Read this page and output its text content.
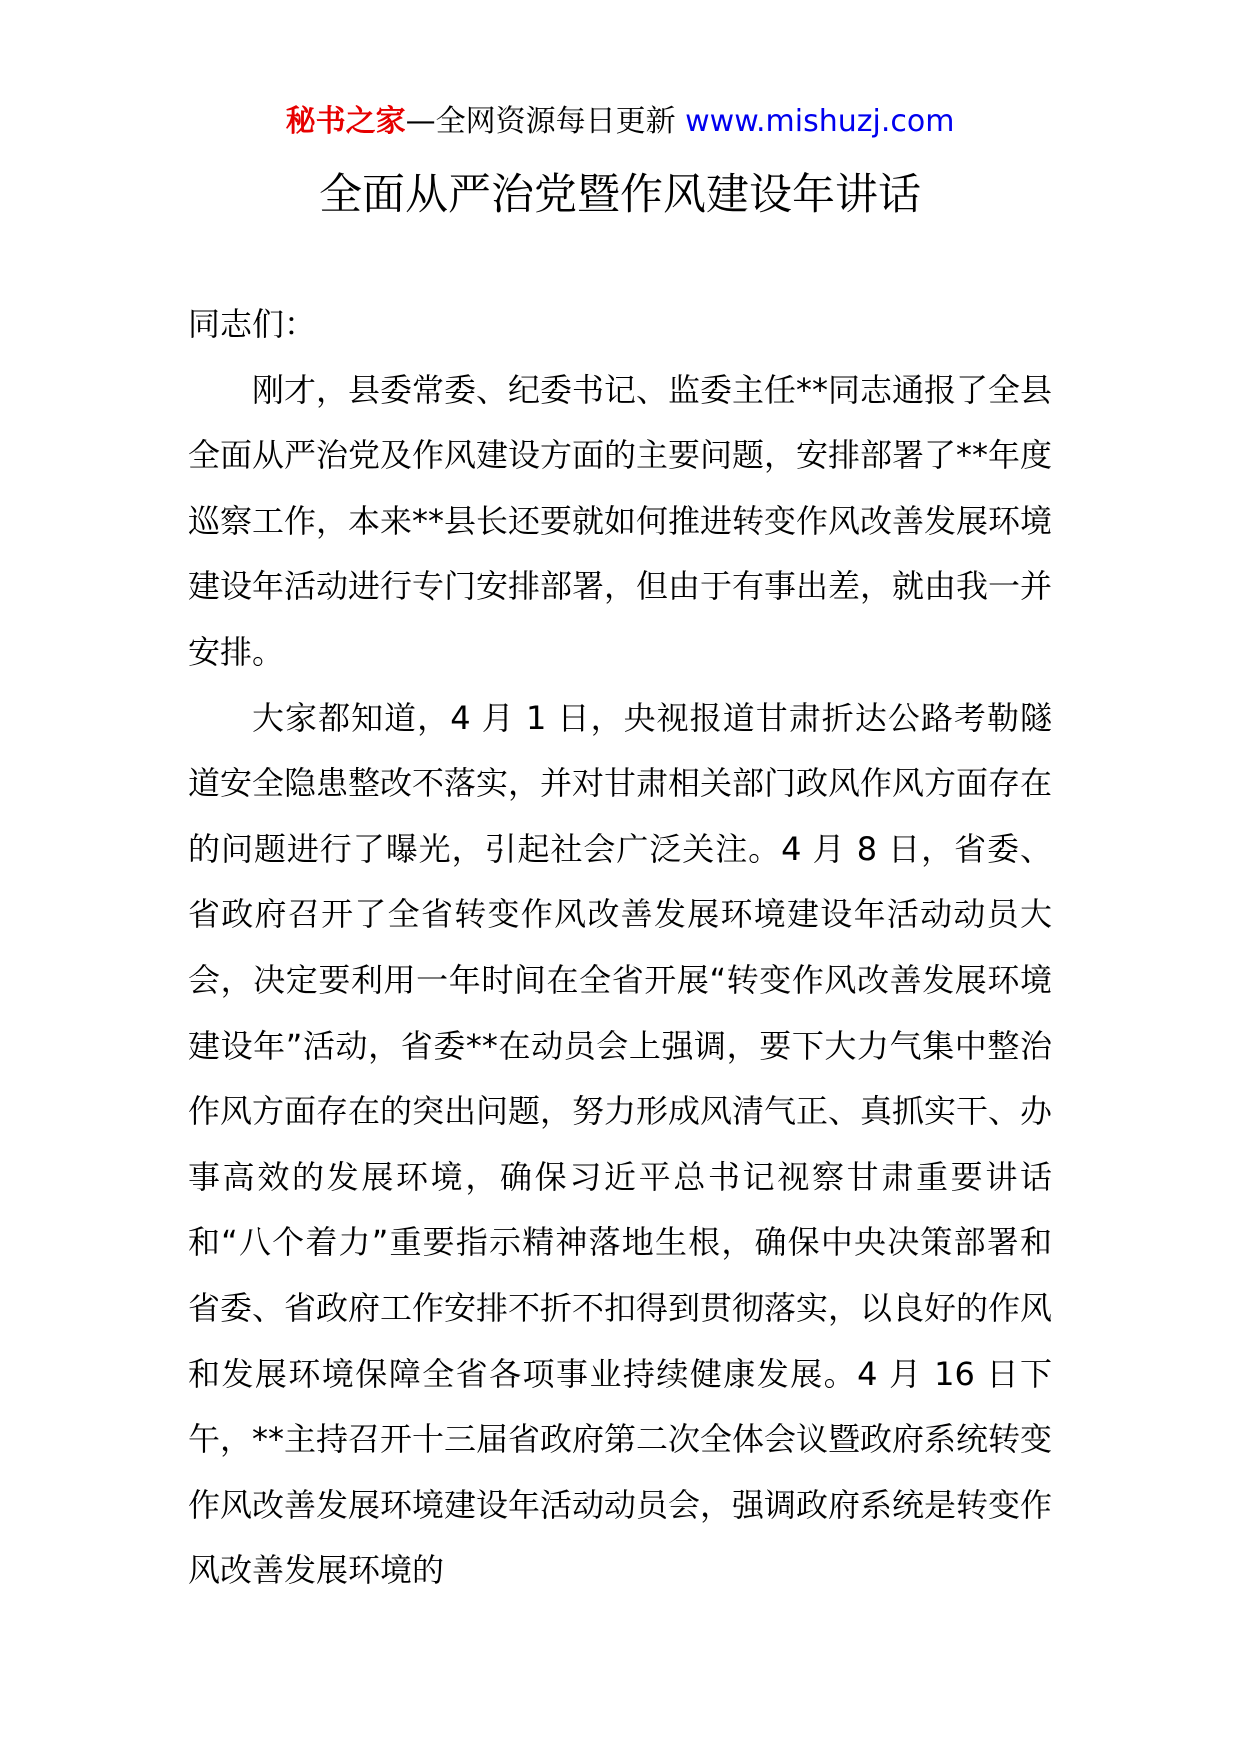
秘书之家—全网资源每日更新 www.mishuzj.com
全面从严治党暨作风建设年讲话

同志们：

刚才，县委常委、纪委书记、监委主任**同志通报了全县全面从严治党及作风建设方面的主要问题，安排部署了**年度巡察工作，本来**县长还要就如何推进转变作风改善发展环境建设年活动进行专门安排部署，但由于有事出差，就由我一并安排。

大家都知道，4 月 1 日，央视报道甘肃折达公路考勒隧道安全隐患整改不落实，并对甘肃相关部门政风作风方面存在的问题进行了曝光，引起社会广泛关注。4 月 8 日，省委、省政府召开了全省转变作风改善发展环境建设年活动动员大会，决定要利用一年时间在全省开展“转变作风改善发展环境建设年”活动，省委**在动员会上强调，要下大力气集中整治作风方面存在的突出问题，努力形成风清气正、真抓实干、办事高效的发展环境，确保习近平总书记视察甘肃重要讲话和“八个着力”重要指示精神落地生根，确保中央决策部署和省委、省政府工作安排不折不扣得到贯彻落实，以良好的作风和发展环境保障全省各项事业持续健康发展。4 月 16 日下午，**主持召开十三届省政府第二次全体会议暨政府系统转变作风改善发展环境建设年活动动员会，强调政府系统是转变作风改善发展环境的
